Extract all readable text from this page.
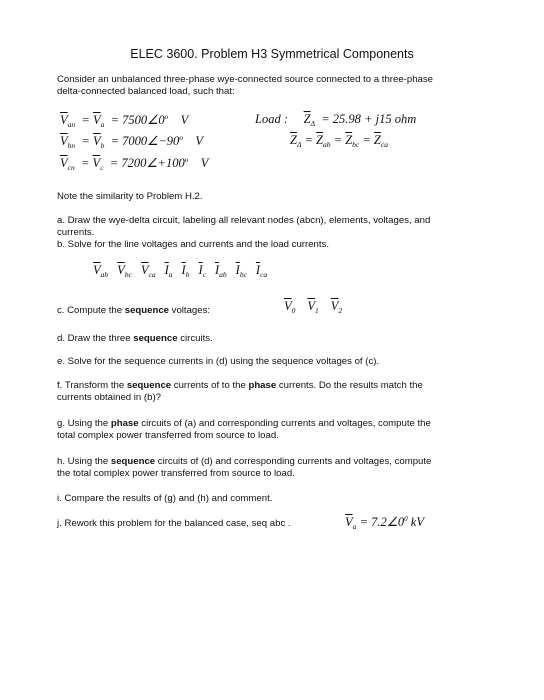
ELEC 3600. Problem H3 Symmetrical Components
Consider an unbalanced three-phase wye-connected source connected to a three-phase
delta-connected balanced load, such that:
$\overline{V}_{an} = \overline{V}_a$  = $7500\angle 0^o$ V
$\overline{V}_{bn} = \overline{V}_b$  = $7000\angle-90^o$ V
$\overline{V}_{cn} = \overline{V}_c$  = $7200\angle+100^o$ V
Load : $\overline{Z}_\Delta = 25.98 + j15$ ohm
$\overline{Z}_\Delta = \overline{Z}_{ab} = \overline{Z}_{bc} = \overline{Z}_{ca}$
Note the similarity to Problem H.2.
a. Draw the wye-delta circuit, labeling all relevant nodes (abcn), elements, voltages, and
currents.
b. Solve for the line voltages and currents and the load currents.
$\overline{V}_{ab}$ $\overline{V}_{bc}$ $\overline{V}_{ca}$ $\overline{I}_a$ $\overline{I}_b$ $\overline{I}_c$ $\overline{I}_{ab}$ $\overline{I}_{bc}$ $\overline{I}_{ca}$
c. Compute the sequence voltages:	$\overline{V}_0$ $\overline{V}_1$ $\overline{V}_2$
d. Draw the three sequence circuits.
e. Solve for the sequence currents in (d) using the sequence voltages of (c).
f. Transform the sequence currents of to the phase currents. Do the results match the
currents obtained in (b)?
g. Using the phase circuits of (a) and corresponding currents and voltages, compute the
total complex power transferred from source to load.
h. Using the sequence circuits of (d) and corresponding currents and voltages, compute
the total complex power transferred from source to load.
i. Compare the results of (g) and (h) and comment.
j. Rework this problem for the balanced case, seq abc .	$\overline{V}_a$ = $7.2\angle 0^0$ kV
